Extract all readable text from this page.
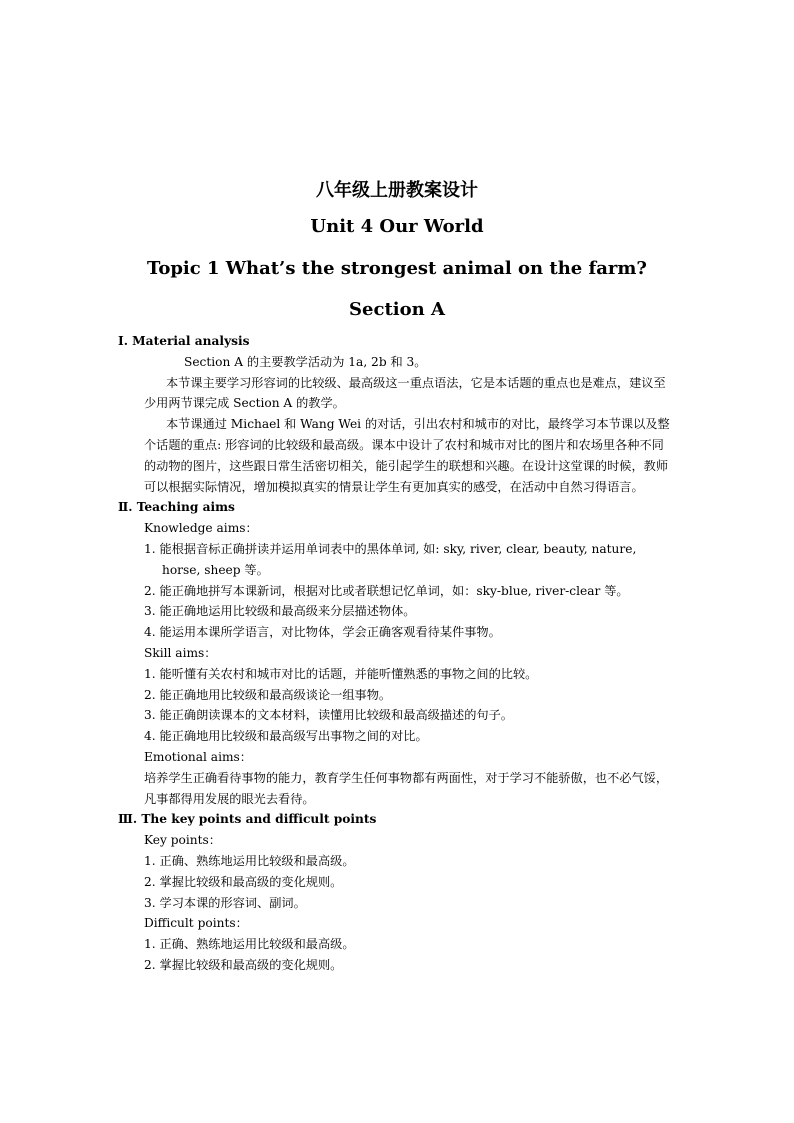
八年级上册教案设计
Unit 4 Our World
Topic 1 What’s the strongest animal on the farm?
Section A
Ⅰ. Material analysis
Section A 的主要教学活动为 1a, 2b 和 3。
本节课主要学习形容词的比较级、最高级这一重点语法，它是本话题的重点也是难点，建议至少用两节课完成 Section A 的教学。
本节课通过 Michael 和 Wang Wei 的对话，引出农村和城市的对比，最终学习本节课以及整个话题的重点: 形容词的比较级和最高级。课本中设计了农村和城市对比的图片和农场里各种不同的动物的图片，这些跟日常生活密切相关，能引起学生的联想和兴趣。在设计这堂课的时候，教师可以根据实际情况，增加模拟真实的情景让学生有更加真实的感受，在活动中自然习得语言。
Ⅱ. Teaching aims
Knowledge aims：
1. 能根据音标正确拼读并运用单词表中的黑体单词, 如: sky, river, clear, beauty, nature, horse, sheep 等。
2. 能正确地拼写本课新词，根据对比或者联想记忆单词，如：sky-blue, river-clear 等。
3. 能正确地运用比较级和最高级来分层描述物体。
4. 能运用本课所学语言，对比物体，学会正确客观看待某件事物。
Skill aims：
1. 能听懂有关农村和城市对比的话题，并能听懂熟悉的事物之间的比较。
2. 能正确地用比较级和最高级谈论一组事物。
3. 能正确朗读课本的文本材料，读懂用比较级和最高级描述的句子。
4. 能正确地用比较级和最高级写出事物之间的对比。
Emotional aims：
培养学生正确看待事物的能力，教育学生任何事物都有两面性，对于学习不能骄傲，也不必气馁，凡事都得用发展的眼光去看待。
Ⅲ. The key points and difficult points
Key points：
1. 正确、熟练地运用比较级和最高级。
2. 掌握比较级和最高级的变化规则。
3. 学习本课的形容词、副词。
Difficult points：
1. 正确、熟练地运用比较级和最高级。
2. 掌握比较级和最高级的变化规则。
